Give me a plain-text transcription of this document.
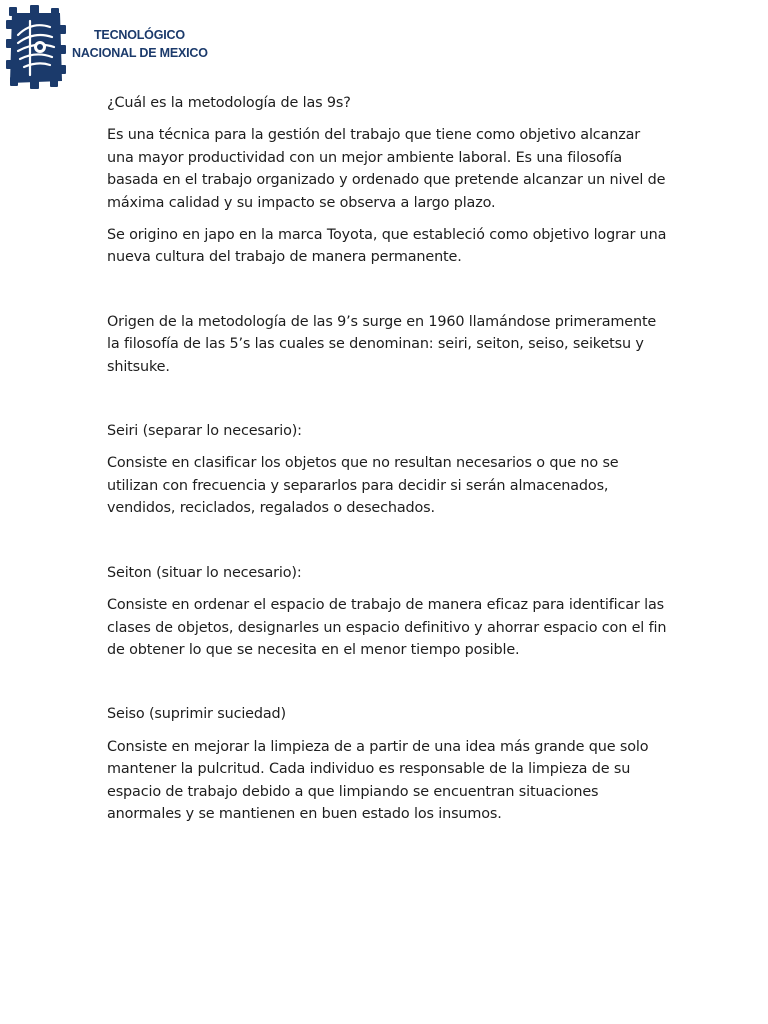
TECNOLÓGICO
NACIONAL DE MEXICO

¿Cuál es la metodología de las 9s?

Es una técnica para la gestión del trabajo que tiene como objetivo alcanzar una mayor productividad con un mejor ambiente laboral. Es una filosofía basada en el trabajo organizado y ordenado que pretende alcanzar un nivel de máxima calidad y su impacto se observa a largo plazo.

Se origino en japo en la marca Toyota, que estableció como objetivo lograr una nueva cultura del trabajo de manera permanente.

Origen de la metodología de las 9’s surge en 1960 llamándose primeramente la filosofía de las 5’s las cuales se denominan: seiri, seiton, seiso, seiketsu y shitsuke.

Seiri (separar lo necesario):

Consiste en clasificar los objetos que no resultan necesarios o que no se utilizan con frecuencia y separarlos para decidir si serán almacenados, vendidos, reciclados, regalados o desechados.

Seiton (situar lo necesario):

Consiste en ordenar el espacio de trabajo de manera eficaz para identificar las clases de objetos, designarles un espacio definitivo y ahorrar espacio con el fin de obtener lo que se necesita en el menor tiempo posible.

Seiso (suprimir suciedad)

Consiste en mejorar la limpieza de a partir de una idea más grande que solo mantener la pulcritud. Cada individuo es responsable de la limpieza de su espacio de trabajo debido a que limpiando se encuentran situaciones anormales y se mantienen en buen estado los insumos.
